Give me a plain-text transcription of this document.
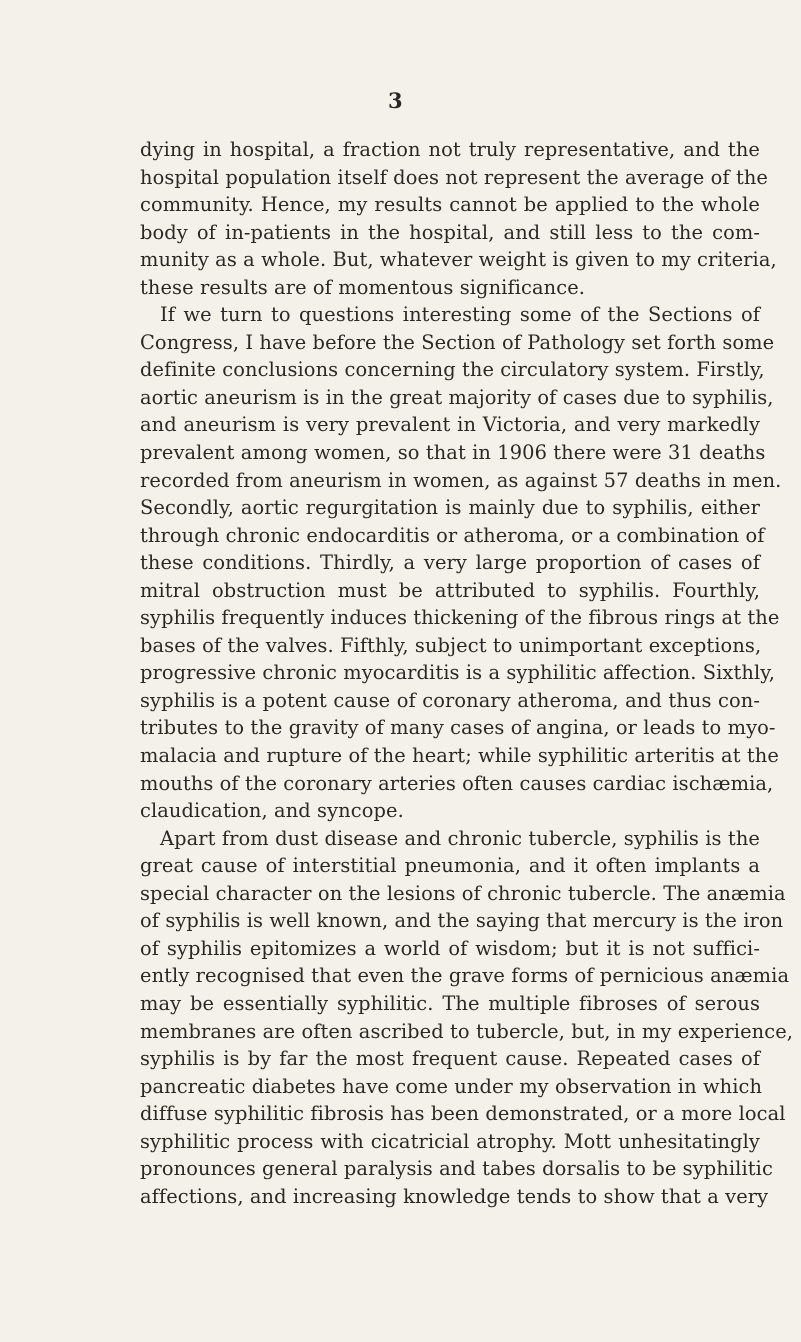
3
dying in hospital, a fraction not truly representative, and the
hospital population itself does not represent the average of the
community. Hence, my results cannot be applied to the whole
body of in-patients in the hospital, and still less to the com-
munity as a whole. But, whatever weight is given to my criteria,
these results are of momentous significance.
If we turn to questions interesting some of the Sections of
Congress, I have before the Section of Pathology set forth some
definite conclusions concerning the circulatory system. Firstly,
aortic aneurism is in the great majority of cases due to syphilis,
and aneurism is very prevalent in Victoria, and very markedly
prevalent among women, so that in 1906 there were 31 deaths
recorded from aneurism in women, as against 57 deaths in men.
Secondly, aortic regurgitation is mainly due to syphilis, either
through chronic endocarditis or atheroma, or a combination of
these conditions. Thirdly, a very large proportion of cases of
mitral obstruction must be attributed to syphilis. Fourthly,
syphilis frequently induces thickening of the fibrous rings at the
bases of the valves. Fifthly, subject to unimportant exceptions,
progressive chronic myocarditis is a syphilitic affection. Sixthly,
syphilis is a potent cause of coronary atheroma, and thus con-
tributes to the gravity of many cases of angina, or leads to myo-
malacia and rupture of the heart; while syphilitic arteritis at the
mouths of the coronary arteries often causes cardiac ischæmia,
claudication, and syncope.
Apart from dust disease and chronic tubercle, syphilis is the
great cause of interstitial pneumonia, and it often implants a
special character on the lesions of chronic tubercle. The anæmia
of syphilis is well known, and the saying that mercury is the iron
of syphilis epitomizes a world of wisdom; but it is not suffici-
ently recognised that even the grave forms of pernicious anæmia
may be essentially syphilitic. The multiple fibroses of serous
membranes are often ascribed to tubercle, but, in my experience,
syphilis is by far the most frequent cause. Repeated cases of
pancreatic diabetes have come under my observation in which
diffuse syphilitic fibrosis has been demonstrated, or a more local
syphilitic process with cicatricial atrophy. Mott unhesitatingly
pronounces general paralysis and tabes dorsalis to be syphilitic
affections, and increasing knowledge tends to show that a very
